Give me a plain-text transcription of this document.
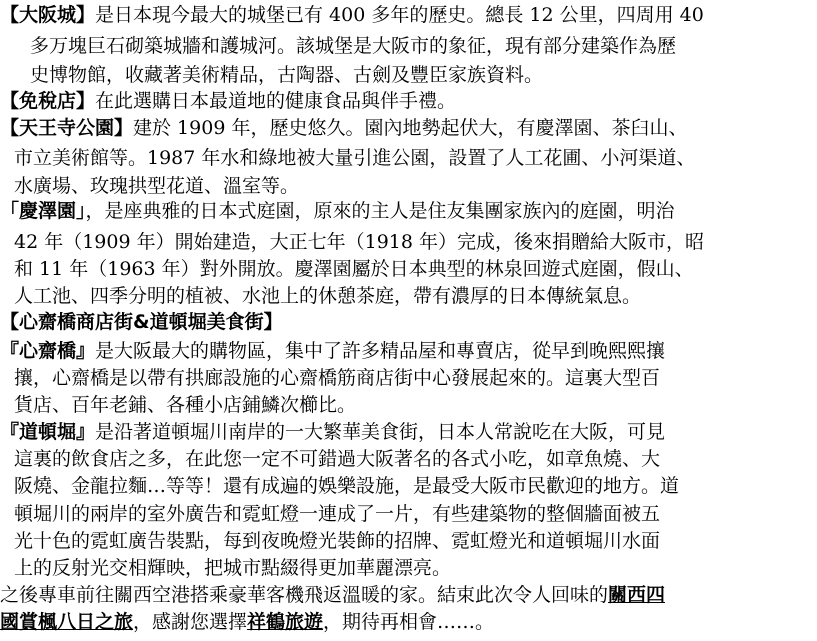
【大阪城】是日本現今最大的城堡已有 400 多年的歷史。總長 12 公里，四周用 40
多万塊巨石砌築城牆和護城河。該城堡是大阪市的象征，現有部分建築作為歷
史博物館，收藏著美術精品，古陶器、古劍及豐臣家族資料。
【免稅店】在此選購日本最道地的健康食品與伴手禮。
【天王寺公園】建於 1909 年，歷史悠久。園內地勢起伏大，有慶澤園、茶臼山、
市立美術館等。1987 年水和綠地被大量引進公園，設置了人工花圃、小河渠道、
水廣場、玫瑰拱型花道、溫室等。
「慶澤園」，是座典雅的日本式庭園，原來的主人是住友集團家族內的庭園，明治
42 年（1909 年）開始建造，大正七年（1918 年）完成，後來捐贈給大阪市，昭
和 11 年（1963 年）對外開放。慶澤園屬於日本典型的林泉回遊式庭園，假山、
人工池、四季分明的植被、水池上的休憩茶庭，帶有濃厚的日本傳統氣息。
【心齋橋商店街&道頓堀美食街】
『心齋橋』是大阪最大的購物區，集中了許多精品屋和專賣店，從早到晚熙熙攘
攘，心齋橋是以帶有拱廊設施的心齋橋筋商店街中心發展起來的。這裏大型百
貨店、百年老鋪、各種小店鋪鱗次櫛比。
『道頓堀』是沿著道頓堀川南岸的一大繁華美食街，日本人常說吃在大阪，可見
這裏的飲食店之多，在此您一定不可錯過大阪著名的各式小吃，如章魚燒、大
阪燒、金龍拉麵…等等！還有成遍的娛樂設施，是最受大阪市民歡迎的地方。道
頓堀川的兩岸的室外廣告和霓虹燈一連成了一片，有些建築物的整個牆面被五
光十色的霓虹廣告裝點，每到夜晚燈光裝飾的招牌、霓虹燈光和道頓堀川水面
上的反射光交相輝映，把城市點綴得更加華麗漂亮。
之後專車前往關西空港搭乘豪華客機飛返溫暖的家。結束此次令人回味的關西四
國賞楓八日之旅，感謝您選擇祥鶴旅遊，期待再相會……。
